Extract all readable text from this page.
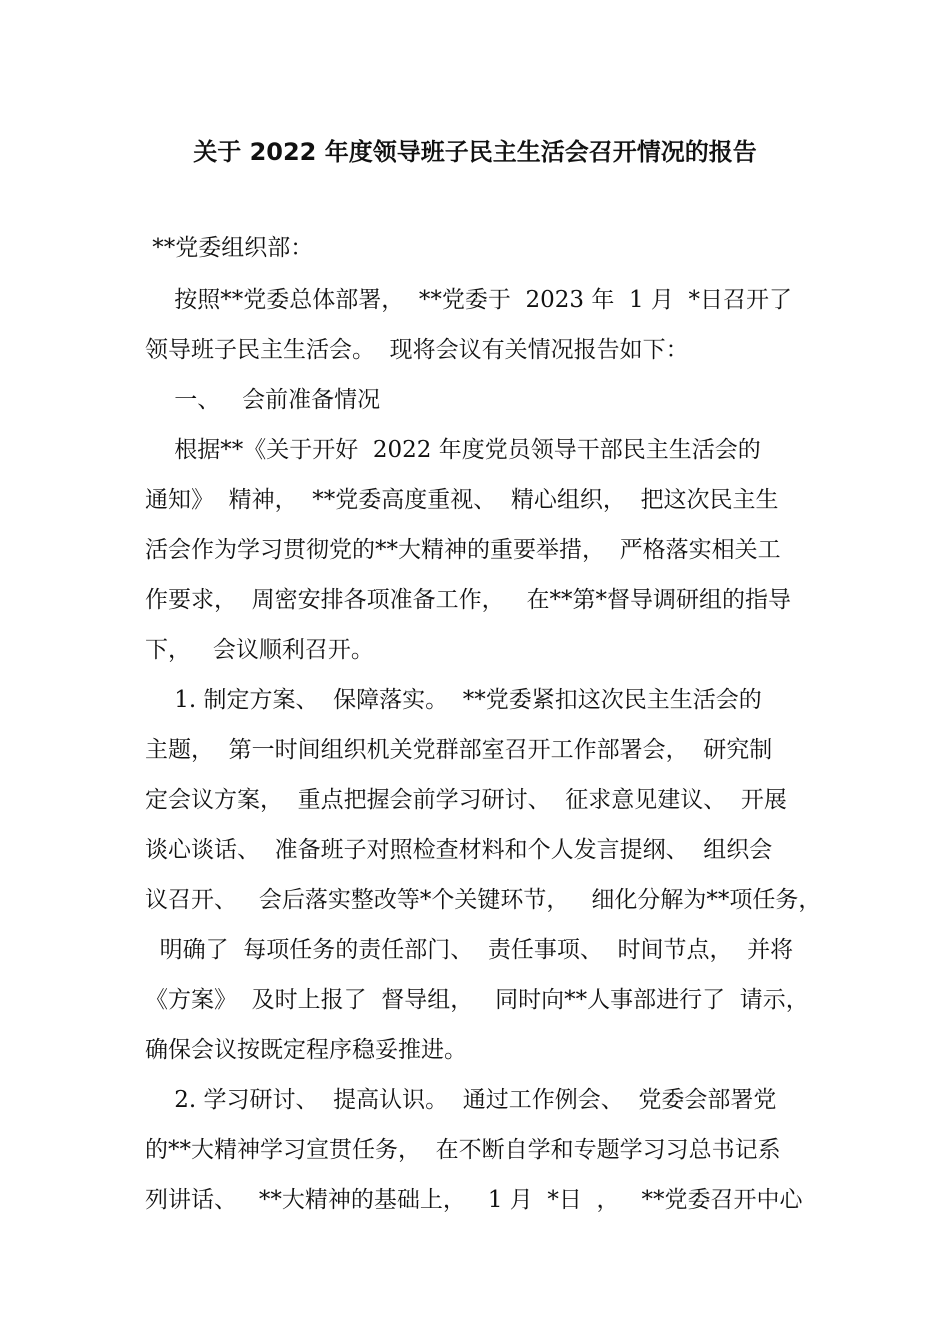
关于 2022 年度领导班子民主生活会召开情况的报告
**党委组织部：
按照**党委总体部署，  **党委于  2023 年  1 月  *日召开了
领导班子民主生活会。  现将会议有关情况报告如下：
一、   会前准备情况
根据**《关于开好  2022 年度党员领导干部民主生活会的
通知》  精神，  **党委高度重视、  精心组织，  把这次民主生
活会作为学习贯彻党的**大精神的重要举措，  严格落实相关工
作要求，  周密安排各项准备工作，   在**第*督导调研组的指导
下，   会议顺利召开。
1. 制定方案、  保障落实。  **党委紧扣这次民主生活会的
主题，  第一时间组织机关党群部室召开工作部署会，  研究制
定会议方案，  重点把握会前学习研讨、  征求意见建议、  开展
谈心谈话、  准备班子对照检查材料和个人发言提纲、  组织会
议召开、   会后落实整改等*个关键环节，   细化分解为**项任务，
明确了  每项任务的责任部门、  责任事项、  时间节点，  并将
《方案》  及时上报了  督导组，   同时向**人事部进行了  请示，
确保会议按既定程序稳妥推进。
2. 学习研讨、  提高认识。  通过工作例会、  党委会部署党
的**大精神学习宣贯任务，  在不断自学和专题学习习总书记系
列讲话、   **大精神的基础上，   1 月  *日  ，   **党委召开中心
